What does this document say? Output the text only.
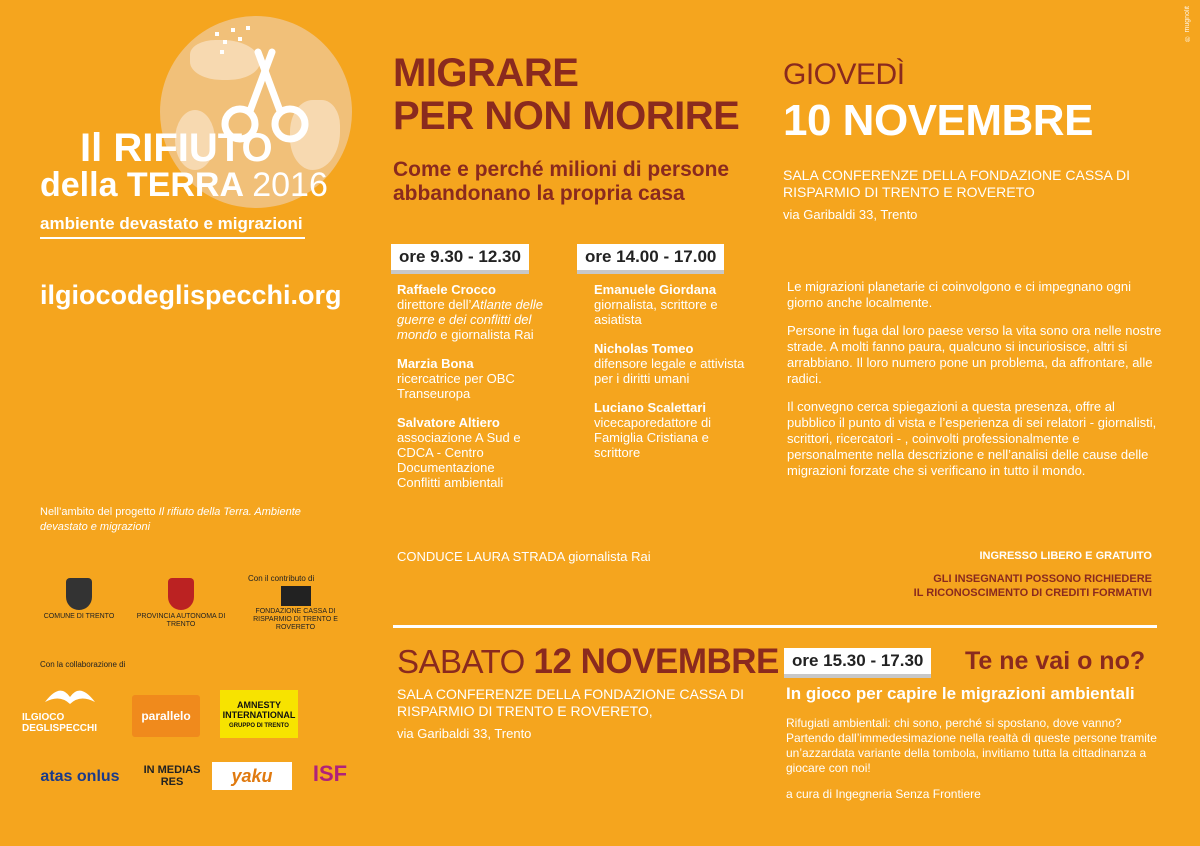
® mugnolit
Il RIFIUTO
della TERRA 2016
ambiente devastato e migrazioni
ilgiocodeglispecchi.org
Nell’ambito del progetto Il rifiuto della Terra. Ambiente devastato e migrazioni
COMUNE DI TRENTO	PROVINCIA AUTONOMA DI TRENTO
Con il contributo di
FONDAZIONE CASSA DI RISPARMIO DI TRENTO E ROVERETO
Con la collaborazione di
ILGIOCO DEGLISPECCHI
parallelo
AMNESTY INTERNATIONAL
GRUPPO DI TRENTO
atas onlus	IN MEDIAS RES	yaku	ISF
MIGRARE
PER NON MORIRE
Come e perché milioni di persone abbandonano la propria casa
ore 9.30 - 12.30	ore 14.00 - 17.00
Raffaele Crocco
direttore dell’Atlante delle guerre e dei conflitti del mondo e giornalista Rai
Marzia Bona
ricercatrice per OBC Transeuropa
Salvatore Altiero
associazione A Sud e CDCA - Centro Documentazione Conflitti ambientali
Emanuele Giordana
giornalista, scrittore e asiatista
Nicholas Tomeo
difensore legale e attivista per i diritti umani
Luciano Scalettari
vicecaporedattore di Famiglia Cristiana e scrittore
CONDUCE LAURA STRADA giornalista Rai
GIOVEDÌ
10 NOVEMBRE
SALA CONFERENZE DELLA FONDAZIONE CASSA DI RISPARMIO DI TRENTO E ROVERETO
via Garibaldi 33, Trento

Le migrazioni planetarie ci coinvolgono e ci impegnano ogni giorno anche localmente.

Persone in fuga dal loro paese verso la vita sono ora nelle nostre strade. A molti fanno paura, qualcuno si incuriosisce, altri si arrabbiano. Il loro numero pone un problema, da affrontare, alle radici.

Il convegno cerca spiegazioni a questa presenza, offre al pubblico il punto di vista e l’esperienza di sei relatori - giornalisti, scrittori, ricercatori - , coinvolti professionalmente e personalmente nella descrizione e nell’analisi delle cause delle migrazioni forzate che si verificano in tutto il mondo.

INGRESSO LIBERO E GRATUITO
GLI INSEGNANTI POSSONO RICHIEDERE
IL RICONOSCIMENTO DI CREDITI FORMATIVI
SABATO 12 NOVEMBRE
SALA CONFERENZE DELLA FONDAZIONE CASSA DI RISPARMIO DI TRENTO E ROVERETO,
via Garibaldi 33, Trento
ore 15.30 - 17.30	Te ne vai o no?
In gioco per capire le migrazioni ambientali
Rifugiati ambientali: chi sono, perché si spostano, dove vanno? Partendo dall’immedesimazione nella realtà di queste persone tramite un’azzardata variante della tombola, invitiamo tutta la cittadinanza a giocare con noi!
a cura di Ingegneria Senza Frontiere
